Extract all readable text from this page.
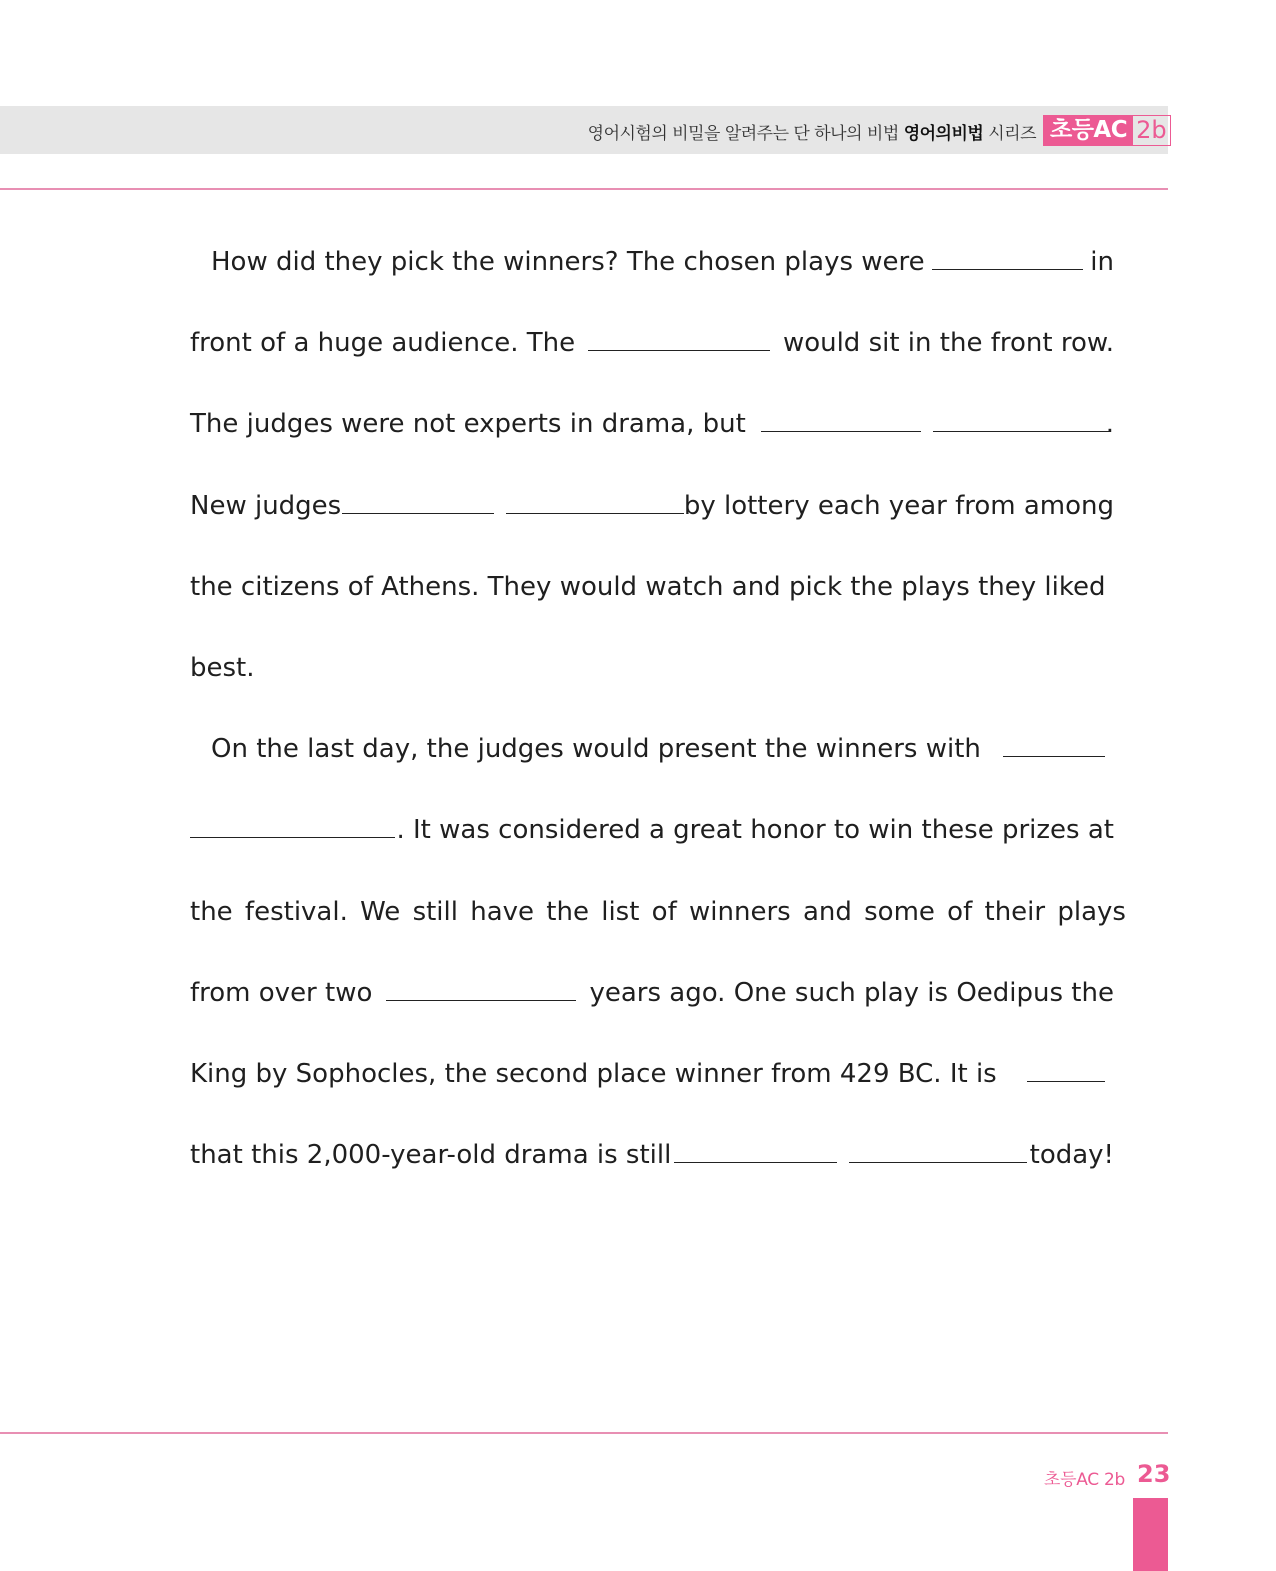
영어시험의 비밀을 알려주는 단 하나의 비법 영어의비법 시리즈 초등AC 2b
How did they pick the winners? The chosen plays were	in
front of a huge audience. The	would sit in the front row.
The judges were not experts in drama, but	.
New judges	by lottery each year from among
the citizens of Athens. They would watch and pick the plays they liked
best.
On the last day, the judges would present the winners with
. It was considered a great honor to win these prizes at
the festival. We still have the list of winners and some of their plays
from over two	years ago. One such play is Oedipus the
King by Sophocles, the second place winner from 429 BC. It is
that this 2,000-year-old drama is still	today!
초등AC 2b 23
